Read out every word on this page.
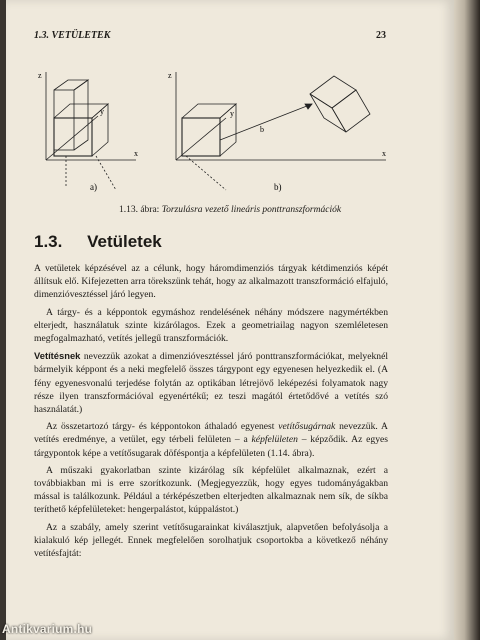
1.3. VETÜLETEK	23
z
y
x
a)
z
y
x
b
b)
1.13. ábra: Torzulásra vezető lineáris ponttranszformációk
1.3. Vetületek

A vetületek képzésével az a célunk, hogy háromdimenziós tárgyak kétdimenziós képét állítsuk elő. Kifejezetten arra törekszünk tehát, hogy az alkalmazott transzformáció elfajuló, dimenzióvesztéssel járó legyen.

A tárgy- és a képpontok egymáshoz rendelésének néhány módszere nagymértékben elterjedt, használatuk szinte kizárólagos. Ezek a geometriailag nagyon szemléletesen megfogalmazható, vetítés jellegű transzformációk.

Vetítésnek nevezzük azokat a dimenzióvesztéssel járó ponttranszformációkat, melyeknél bármelyik képpont és a neki megfelelő összes tárgypont egy egyenesen helyezkedik el. (A fény egyenesvonalú terjedése folytán az optikában létrejövő leképezési folyamatok nagy része ilyen transzformációval egyenértékű; ez teszi magától értetődővé a vetítés szó használatát.)

Az összetartozó tárgy- és képpontokon áthaladó egyenest vetítősugárnak nevezzük. A vetítés eredménye, a vetület, egy térbeli felületen – a képfelületen – képződik. Az egyes tárgypontok képe a vetítősugarak döféspontja a képfelületen (1.14. ábra).

A műszaki gyakorlatban szinte kizárólag sík képfelület alkalmaznak, ezért a továbbiakban mi is erre szorítkozunk. (Megjegyezzük, hogy egyes tudományágakban mással is találkozunk. Például a térképészetben elterjedten alkalmaznak nem sík, de síkba teríthető képfelületeket: hengerpalástot, kúppalástot.)

Az a szabály, amely szerint vetítősugarainkat kiválasztjuk, alapvetően befolyásolja a kialakuló kép jellegét. Ennek megfelelően sorolhatjuk csoportokba a következő néhány vetítésfajtát:

Antikvarium.hu
